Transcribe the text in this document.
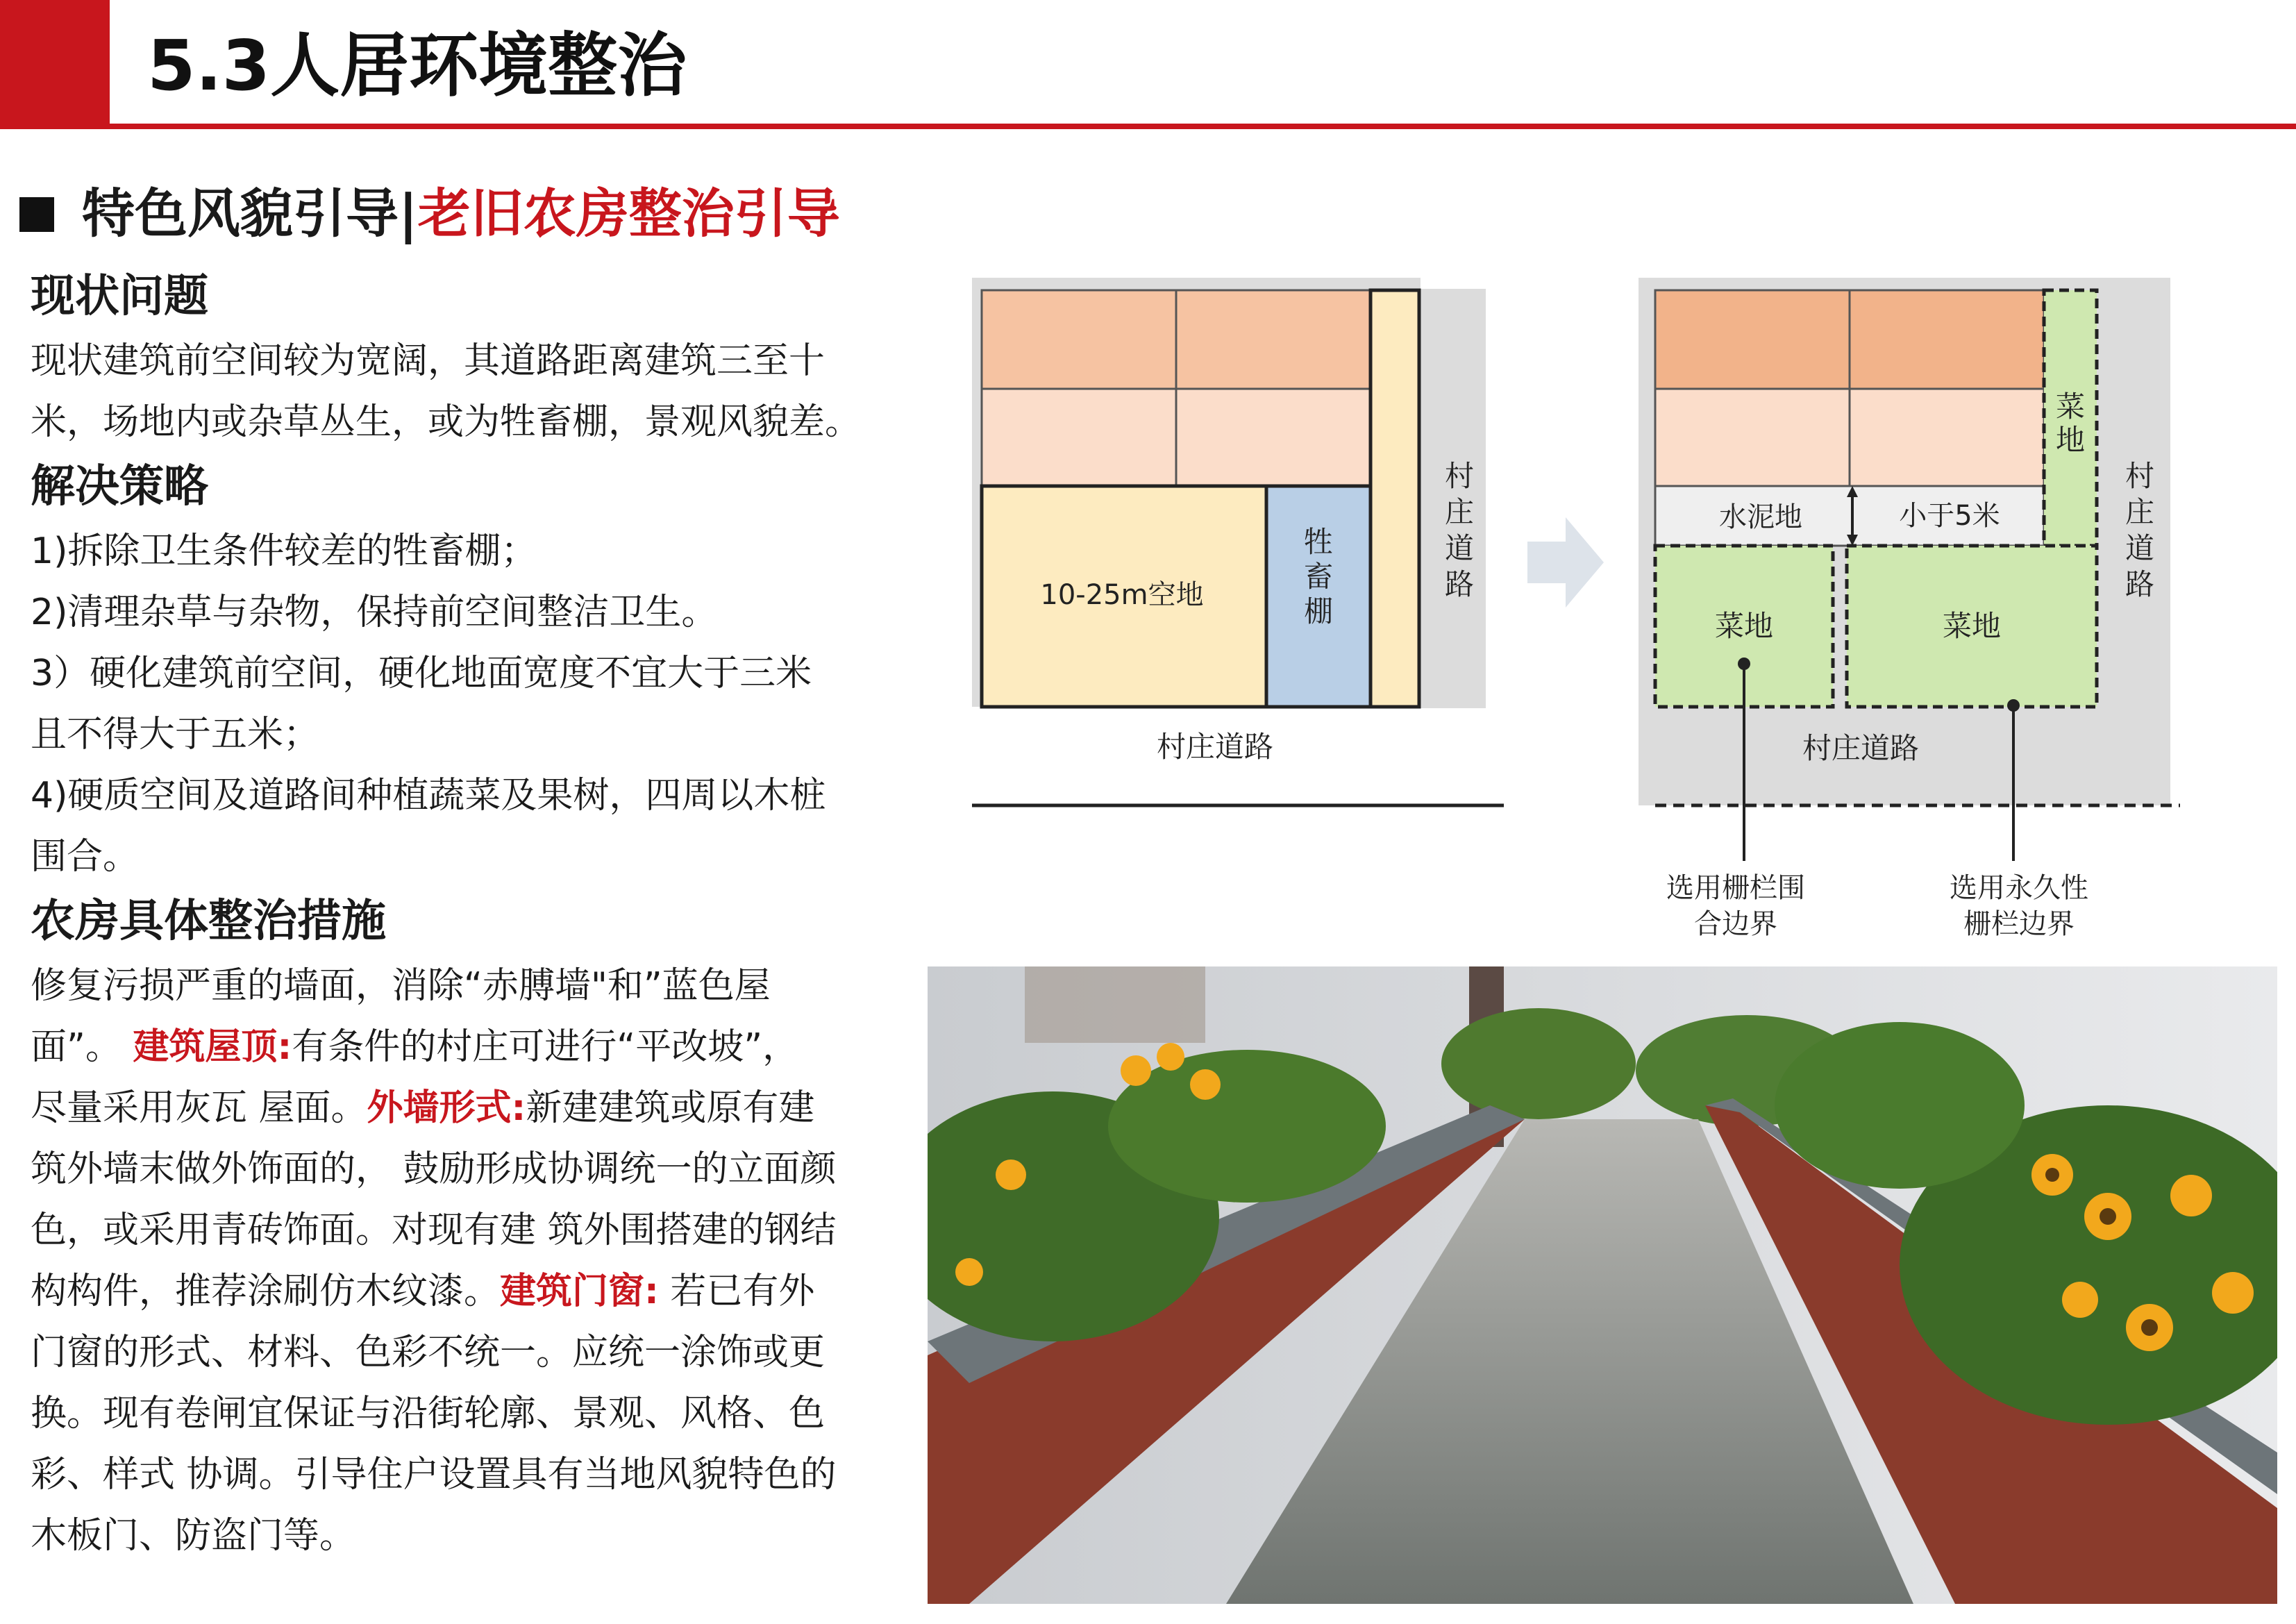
5.3人居环境整治
特色风貌引导|老旧农房整治引导
现状问题

现状建筑前空间较为宽阔，其道路距离建筑三至十

米，场地内或杂草丛生，或为牲畜棚，景观风貌差。

解决策略

1)拆除卫生条件较差的牲畜棚；

2)清理杂草与杂物，保持前空间整洁卫生。

3）硬化建筑前空间，硬化地面宽度不宜大于三米

且不得大于五米；

4)硬质空间及道路间种植蔬菜及果树，四周以木桩

围合。

农房具体整治措施

修复污损严重的墙面，消除“赤膊墙"和”蓝色屋

面”。 建筑屋顶:有条件的村庄可进行“平改坡”，

尽量采用灰瓦 屋面。外墙形式:新建建筑或原有建

筑外墙末做外饰面的， 鼓励形成协调统一的立面颜

色，或采用青砖饰面。对现有建 筑外围搭建的钢结

构构件，推荐涂刷仿木纹漆。建筑门窗: 若已有外

门窗的形式、材料、色彩不统一。应统一涂饰或更

换。现有卷闸宜保证与沿街轮廓、景观、风格、色

彩、样式 协调。引导住户设置具有当地风貌特色的

木板门、防盗门等。

10-25m空地
牲
畜
棚
村
庄
道
路
村庄道路
水泥地	小于5米
菜
地
菜地	菜地
村
庄
道
路
村庄道路
选用栅栏围
合边界
选用永久性
栅栏边界
